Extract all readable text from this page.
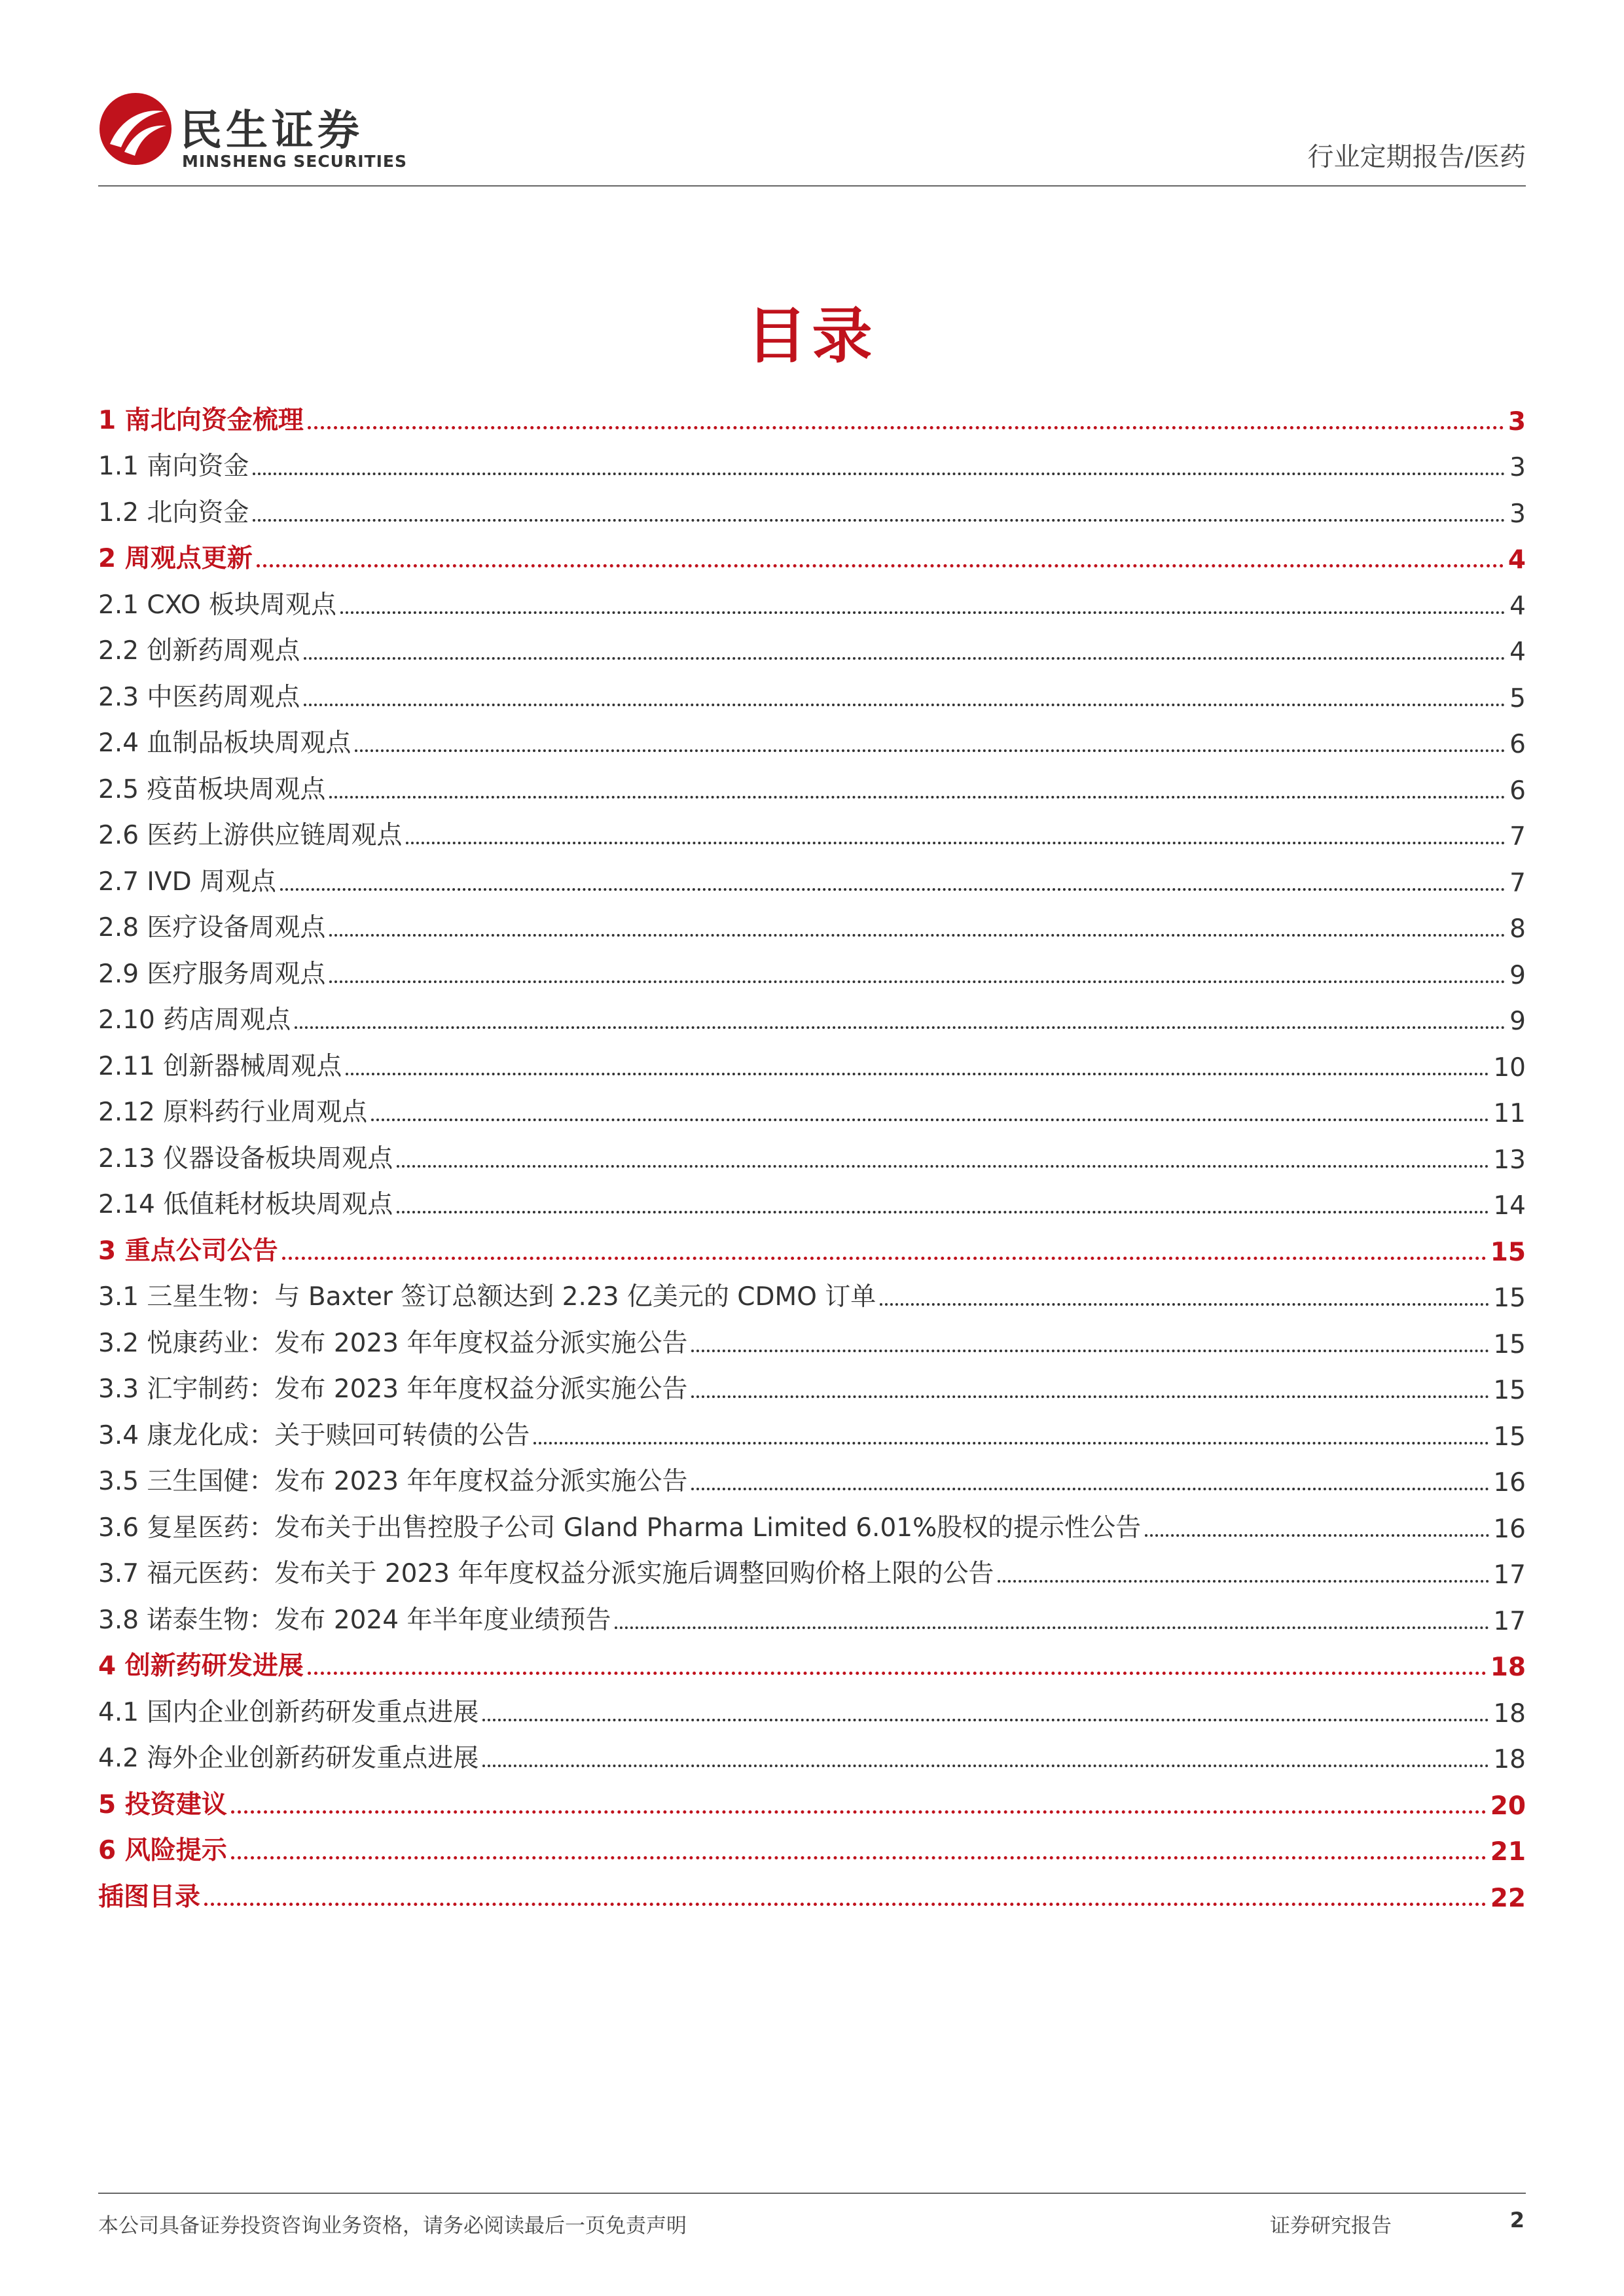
民生证券
MINSHENG SECURITIES	行业定期报告/医药
目录
1 南北向资金梳理	3
1.1 南向资金	3
1.2 北向资金	3
2 周观点更新	4
2.1 CXO 板块周观点	4
2.2 创新药周观点	4
2.3 中医药周观点	5
2.4 血制品板块周观点	6
2.5 疫苗板块周观点	6
2.6 医药上游供应链周观点	7
2.7 IVD 周观点	7
2.8 医疗设备周观点	8
2.9 医疗服务周观点	9
2.10 药店周观点	9
2.11 创新器械周观点	10
2.12 原料药行业周观点	11
2.13 仪器设备板块周观点	13
2.14 低值耗材板块周观点	14
3 重点公司公告	15
3.1 三星生物：与 Baxter 签订总额达到 2.23 亿美元的 CDMO 订单	15
3.2 悦康药业：发布 2023 年年度权益分派实施公告	15
3.3 汇宇制药：发布 2023 年年度权益分派实施公告	15
3.4 康龙化成：关于赎回可转债的公告	15
3.5 三生国健：发布 2023 年年度权益分派实施公告	16
3.6 复星医药：发布关于出售控股子公司 Gland Pharma Limited 6.01%股权的提示性公告	16
3.7 福元医药：发布关于 2023 年年度权益分派实施后调整回购价格上限的公告	17
3.8 诺泰生物：发布 2024 年半年度业绩预告	17
4 创新药研发进展	18
4.1 国内企业创新药研发重点进展	18
4.2 海外企业创新药研发重点进展	18
5 投资建议	20
6 风险提示	21
插图目录	22
本公司具备证券投资咨询业务资格，请务必阅读最后一页免责声明	证券研究报告	2
